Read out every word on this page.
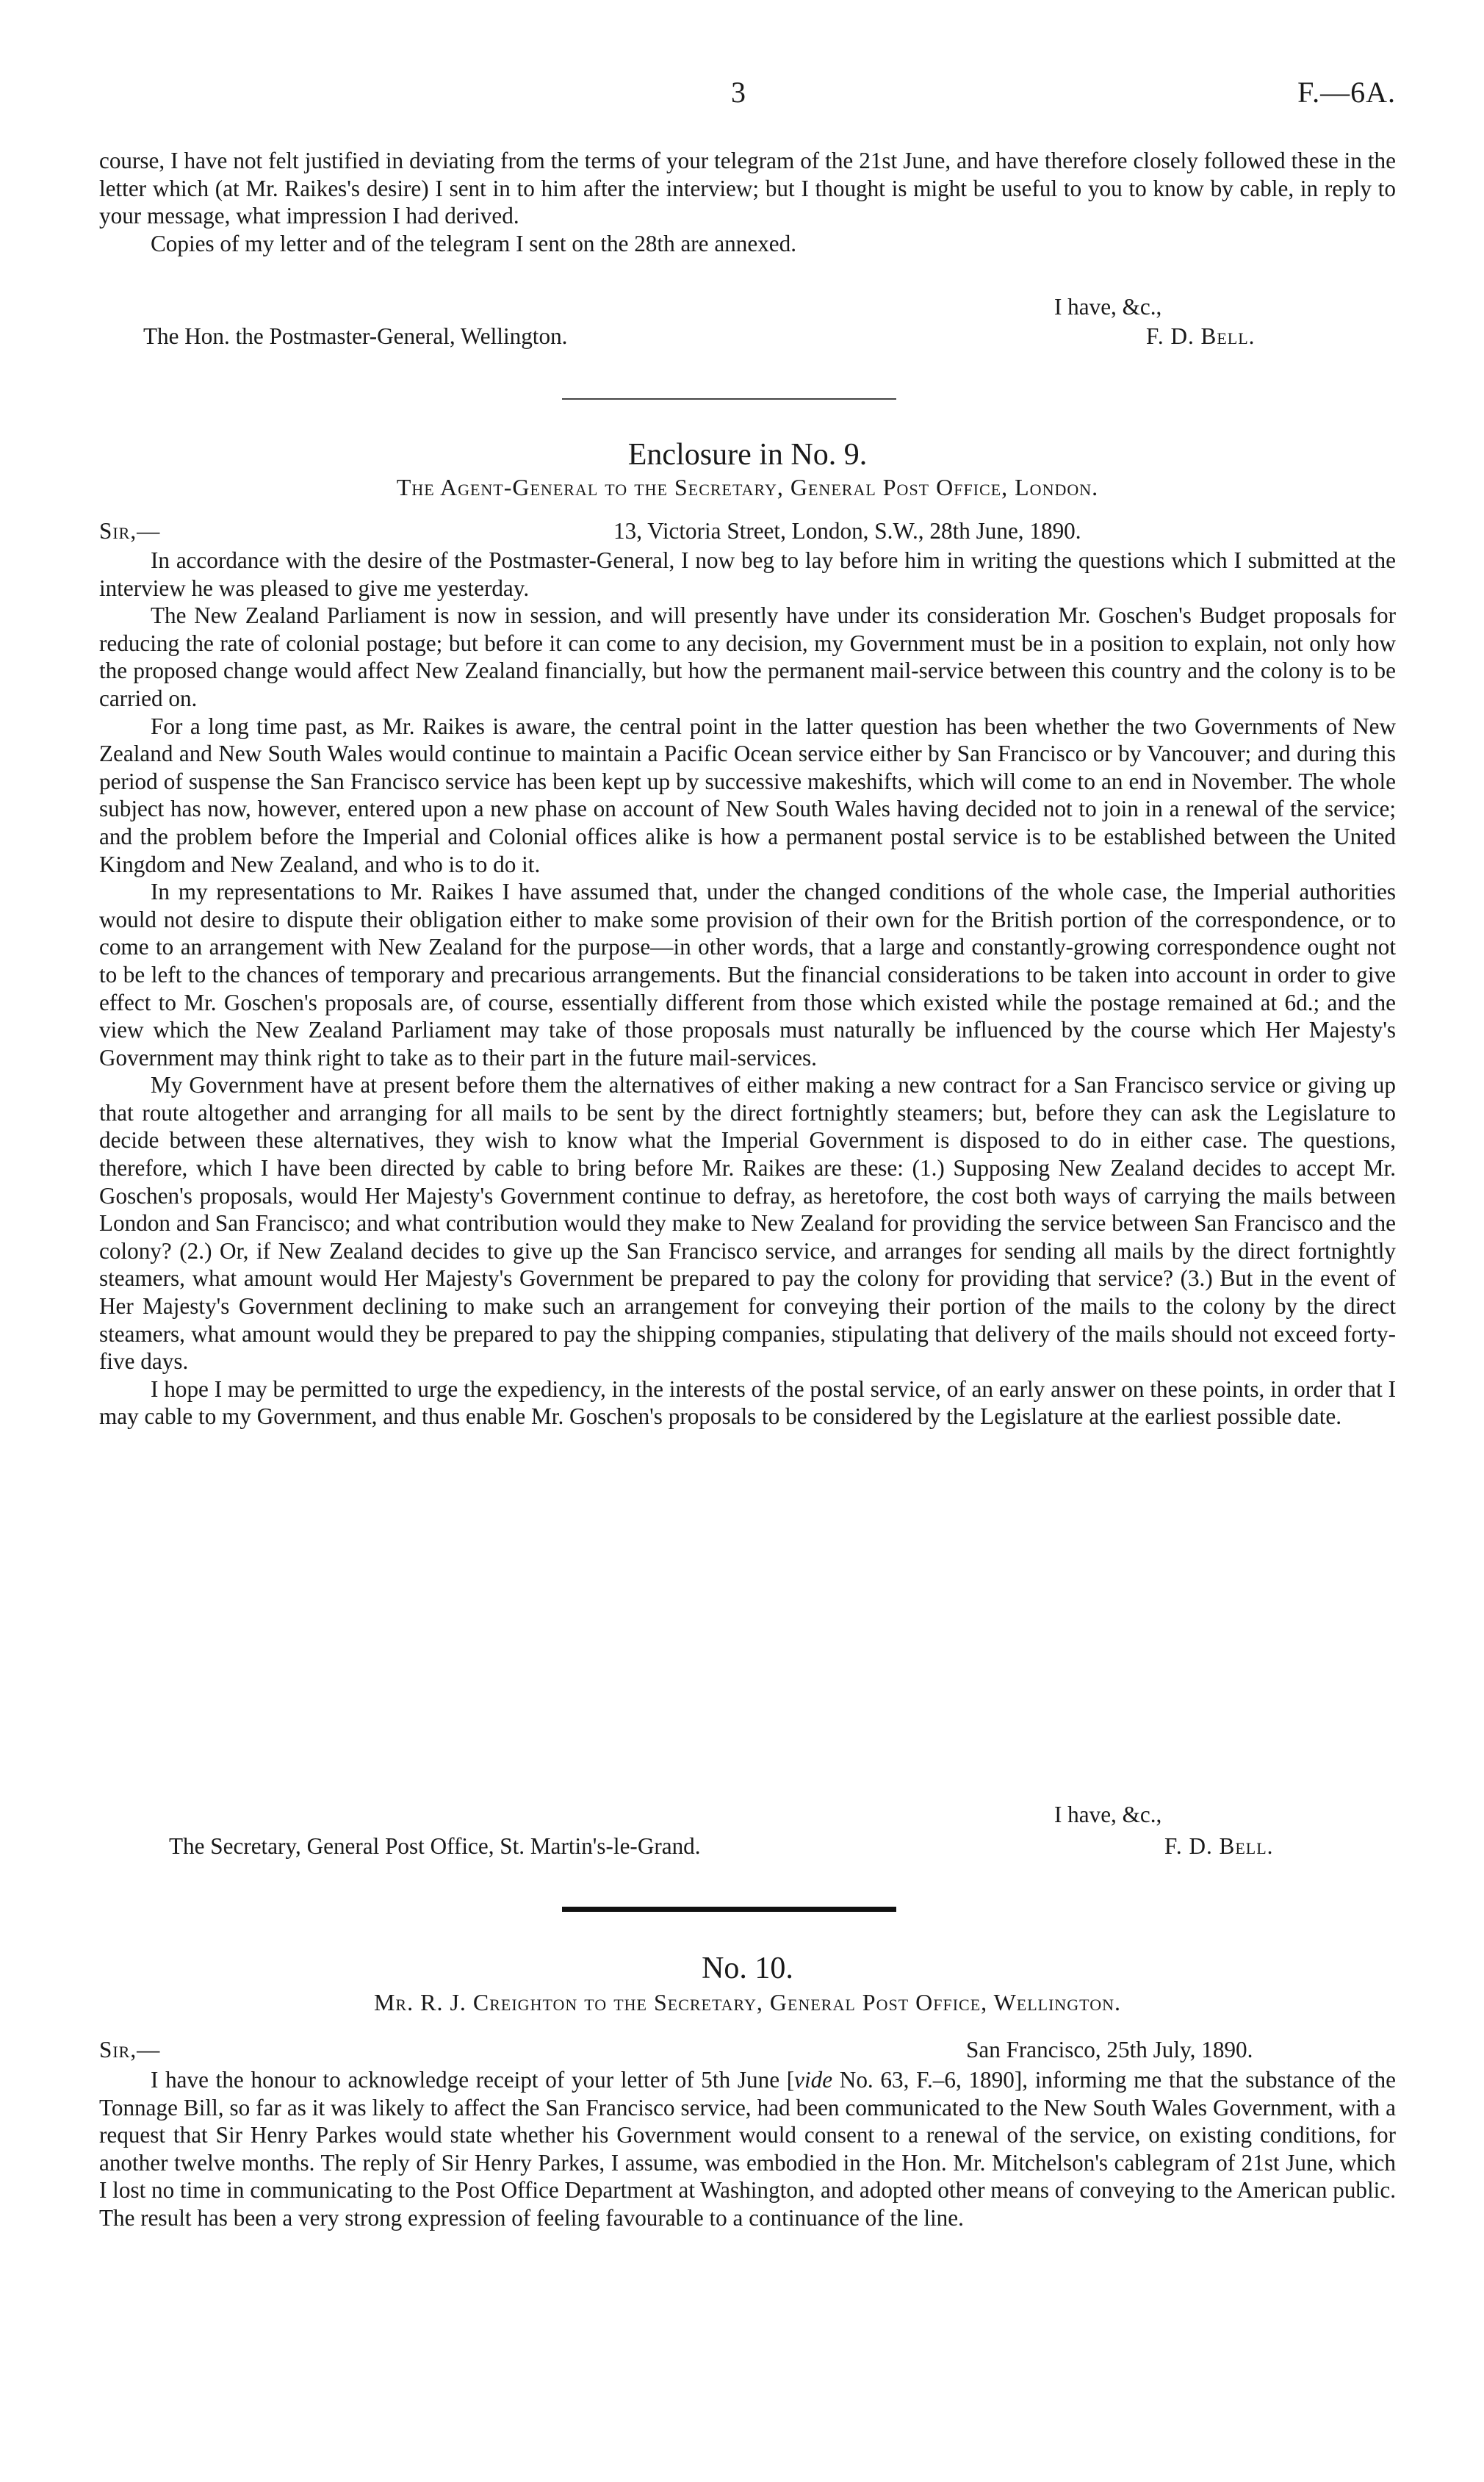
3	F.—6A.

course, I have not felt justified in deviating from the terms of your telegram of the 21st June, and have therefore closely followed these in the letter which (at Mr. Raikes's desire) I sent in to him after the interview; but I thought is might be useful to you to know by cable, in reply to your message, what impression I had derived.

Copies of my letter and of the telegram I sent on the 28th are annexed.

I have, &c.,
The Hon. the Postmaster-General, Wellington.	F. D. Bell.
Enclosure in No. 9.
The Agent-General to the Secretary, General Post Office, London.
Sir,—	13, Victoria Street, London, S.W., 28th June, 1890.

In accordance with the desire of the Postmaster-General, I now beg to lay before him in writing the questions which I submitted at the interview he was pleased to give me yesterday.

The New Zealand Parliament is now in session, and will presently have under its consideration Mr. Goschen's Budget proposals for reducing the rate of colonial postage; but before it can come to any decision, my Government must be in a position to explain, not only how the proposed change would affect New Zealand financially, but how the permanent mail-service between this country and the colony is to be carried on.

For a long time past, as Mr. Raikes is aware, the central point in the latter question has been whether the two Governments of New Zealand and New South Wales would continue to maintain a Pacific Ocean service either by San Francisco or by Vancouver; and during this period of suspense the San Francisco service has been kept up by successive makeshifts, which will come to an end in November. The whole subject has now, however, entered upon a new phase on account of New South Wales having decided not to join in a renewal of the service; and the problem before the Imperial and Colonial offices alike is how a permanent postal service is to be established between the United Kingdom and New Zealand, and who is to do it.

In my representations to Mr. Raikes I have assumed that, under the changed conditions of the whole case, the Imperial authorities would not desire to dispute their obligation either to make some provision of their own for the British portion of the correspondence, or to come to an arrangement with New Zealand for the purpose—in other words, that a large and constantly-growing correspondence ought not to be left to the chances of temporary and precarious arrangements. But the financial considerations to be taken into account in order to give effect to Mr. Goschen's proposals are, of course, essentially different from those which existed while the postage remained at 6d.; and the view which the New Zealand Parliament may take of those proposals must naturally be influenced by the course which Her Majesty's Government may think right to take as to their part in the future mail-services.

My Government have at present before them the alternatives of either making a new contract for a San Francisco service or giving up that route altogether and arranging for all mails to be sent by the direct fortnightly steamers; but, before they can ask the Legislature to decide between these alternatives, they wish to know what the Imperial Government is disposed to do in either case. The questions, therefore, which I have been directed by cable to bring before Mr. Raikes are these: (1.) Supposing New Zealand decides to accept Mr. Goschen's proposals, would Her Majesty's Government continue to defray, as heretofore, the cost both ways of carrying the mails between London and San Francisco; and what contribution would they make to New Zealand for providing the service between San Francisco and the colony? (2.) Or, if New Zealand decides to give up the San Francisco service, and arranges for sending all mails by the direct fortnightly steamers, what amount would Her Majesty's Government be prepared to pay the colony for providing that service? (3.) But in the event of Her Majesty's Government declining to make such an arrangement for conveying their portion of the mails to the colony by the direct steamers, what amount would they be prepared to pay the shipping companies, stipulating that delivery of the mails should not exceed forty-five days.

I hope I may be permitted to urge the expediency, in the interests of the postal service, of an early answer on these points, in order that I may cable to my Government, and thus enable Mr. Goschen's proposals to be considered by the Legislature at the earliest possible date.

I have, &c.,
The Secretary, General Post Office, St. Martin's-le-Grand.	F. D. Bell.
No. 10.
Mr. R. J. Creighton to the Secretary, General Post Office, Wellington.
Sir,—	San Francisco, 25th July, 1890.

I have the honour to acknowledge receipt of your letter of 5th June [vide No. 63, F.–6, 1890], informing me that the substance of the Tonnage Bill, so far as it was likely to affect the San Francisco service, had been communicated to the New South Wales Government, with a request that Sir Henry Parkes would state whether his Government would consent to a renewal of the service, on existing conditions, for another twelve months. The reply of Sir Henry Parkes, I assume, was embodied in the Hon. Mr. Mitchelson's cablegram of 21st June, which I lost no time in communicating to the Post Office Department at Washington, and adopted other means of conveying to the American public. The result has been a very strong expression of feeling favourable to a continuance of the line.
